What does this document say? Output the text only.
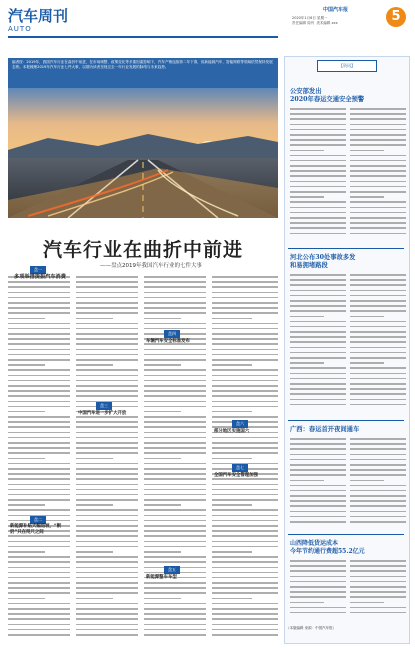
汽车周刊
AUTO
中国汽车报
2020年1月6日 星期一
责任编辑 周刊  美术编辑 xxx	5
编者按：2019年，我国汽车行业在曲折中前进，在市场调整、政策变化等多重因素影响下，汽车产销连续第二年下滑，但新能源汽车、智能网联等领域依然保持发展态势。本报梳理2019年汽车行业七件大事，以期为读者呈现过去一年行业发展的脉络与未来趋势。
汽车行业在曲折中前进
——盘点2019年我国汽车行业的七件大事
盘一
多项举措提振汽车消费
盘二
新能源补贴大幅退坡，“断奶”只在咫尺之间
盘三
中国汽车进一步扩大开放
盘四
车辆汽车安全标准发布
盘五
新能源整车车型
盘六
部分地区实施国六
盘七
全国汽车安全管理加强
【资讯】
公安部发出
2020年春运交通安全预警
河北公布30处事故多发
和易拥堵路段
广西：春运首开夜间通车
山西降低货运成本
今年节约通行费超55.2亿元
（本版编辑 来源：中国汽车报）
